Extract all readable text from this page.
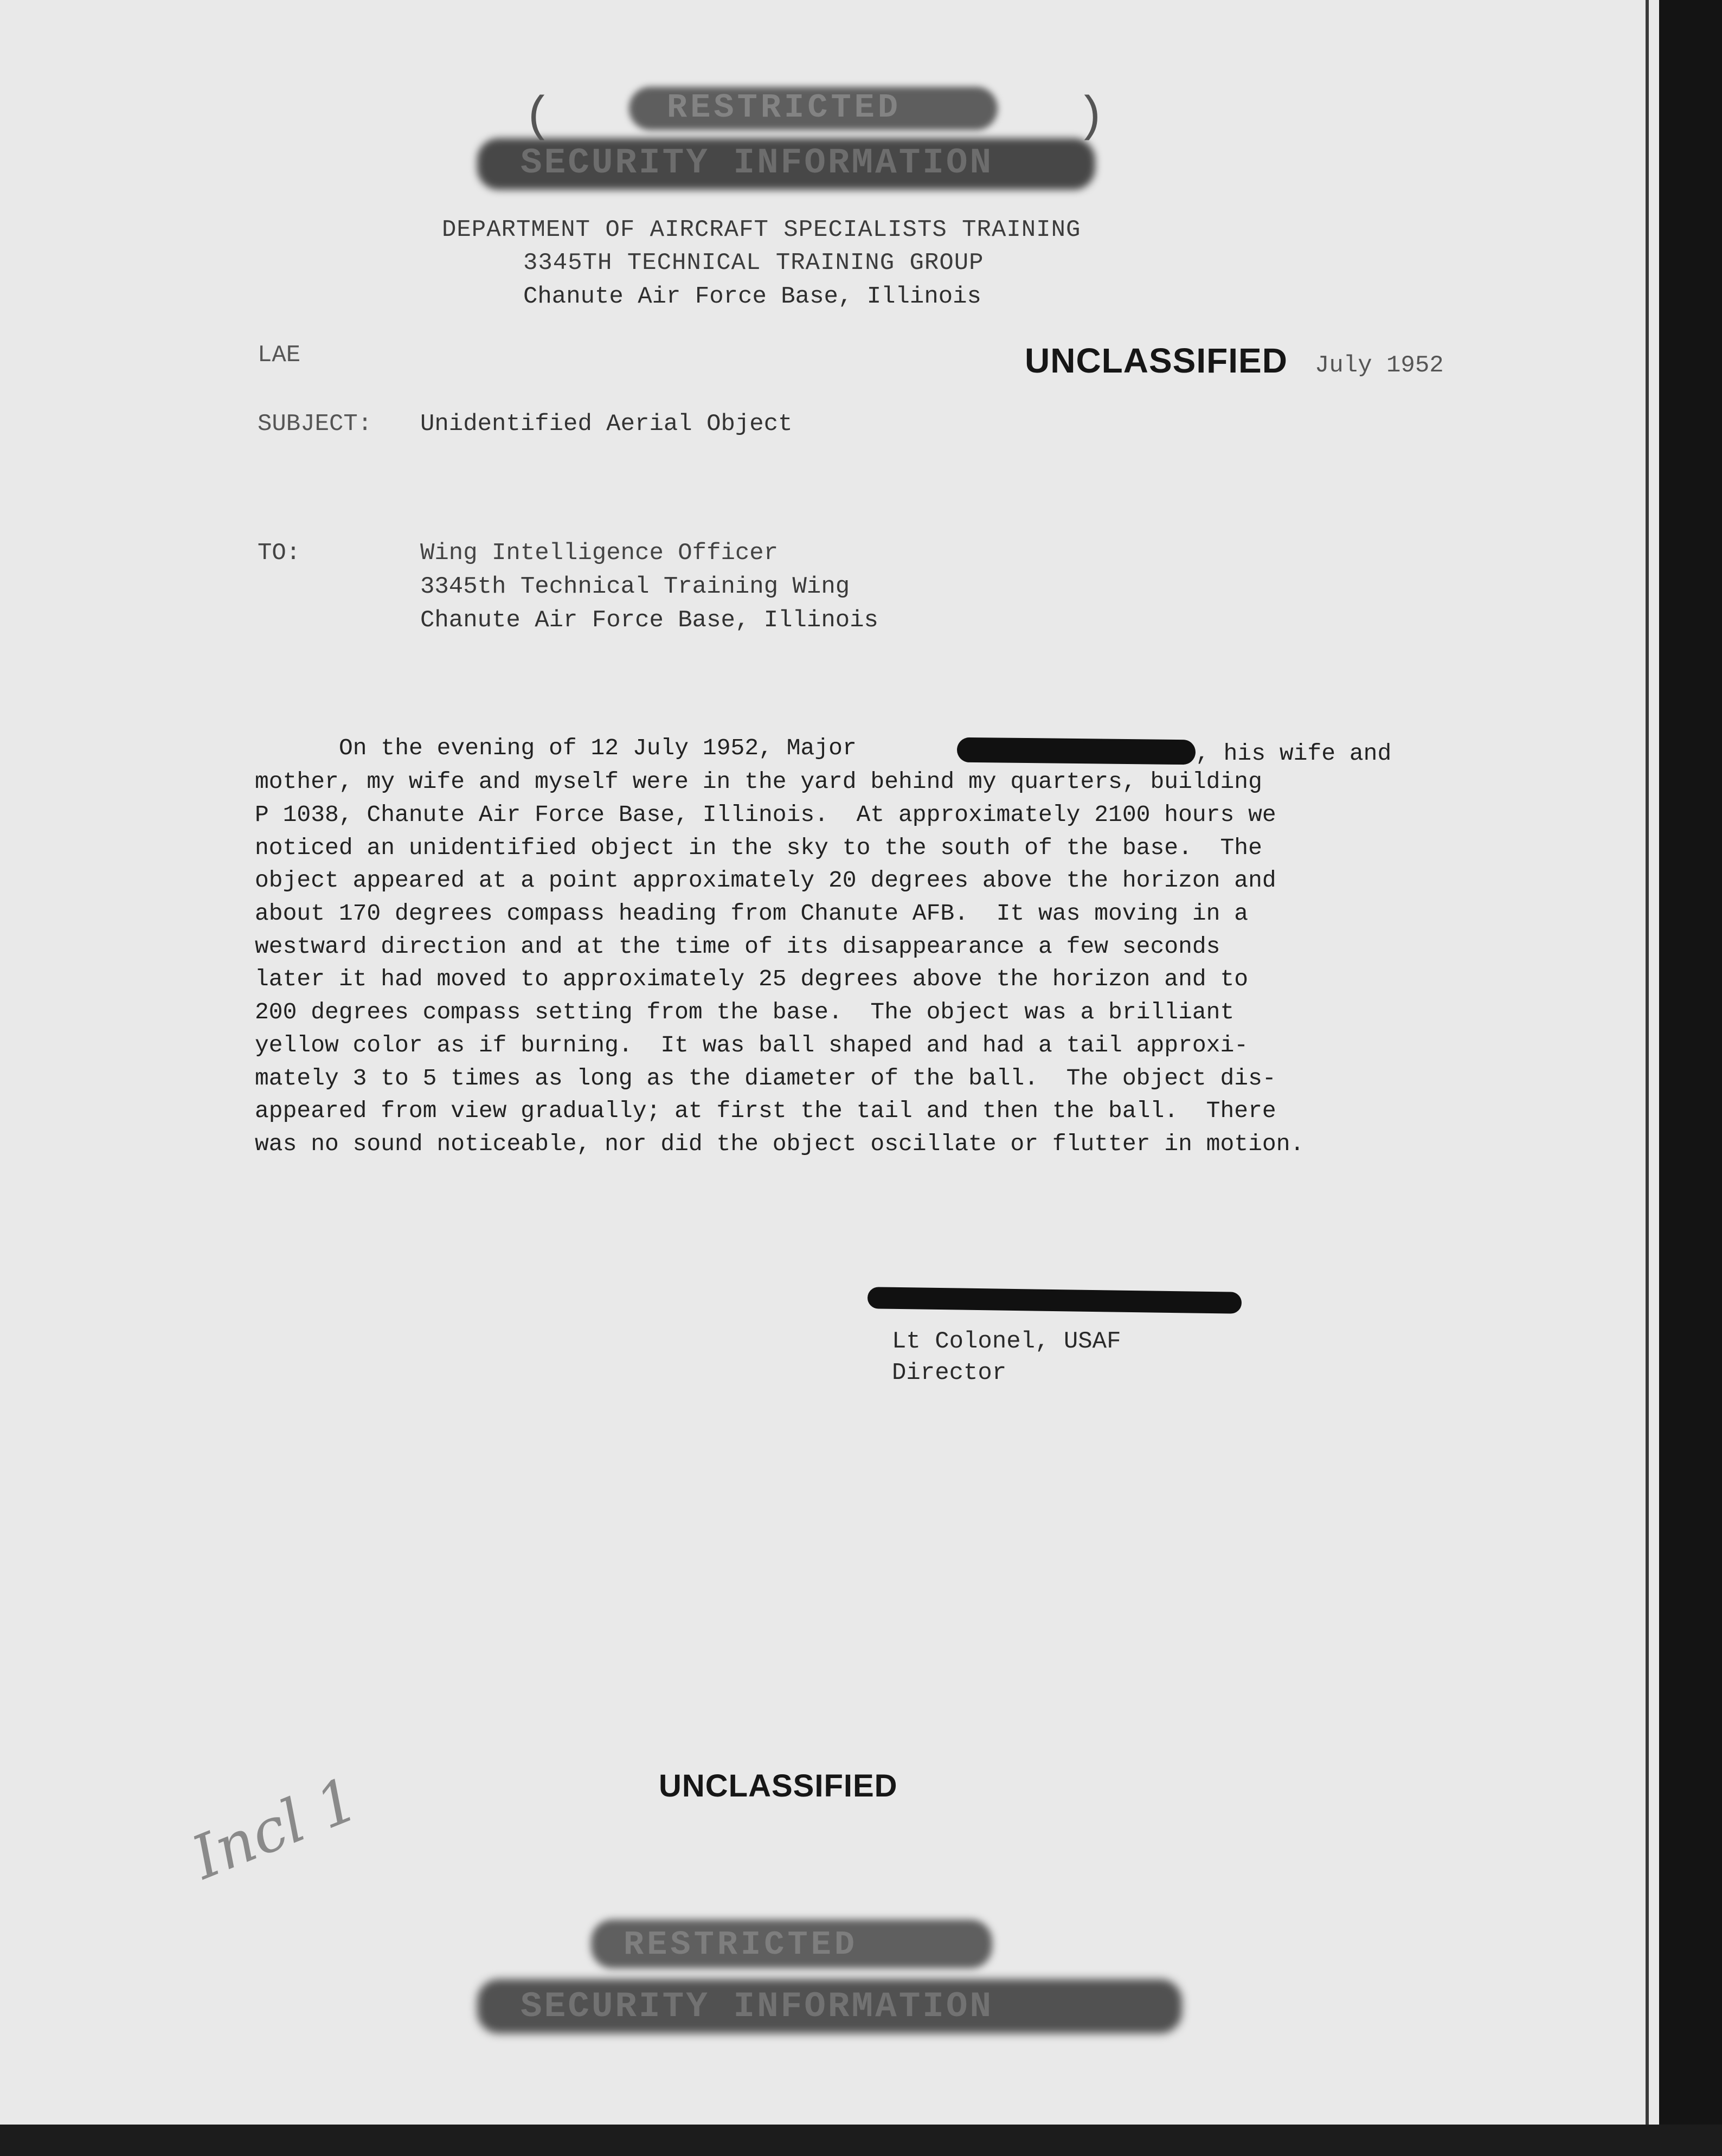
RESTRICTED
SECURITY INFORMATION
(	)
DEPARTMENT OF AIRCRAFT SPECIALISTS TRAINING
3345TH TECHNICAL TRAINING GROUP
Chanute Air Force Base, Illinois
LAE	UNCLASSIFIED July 1952
SUBJECT: Unidentified Aerial Object
TO:	Wing Intelligence Officer
3345th Technical Training Wing
Chanute Air Force Base, Illinois
On the evening of 12 July 1952, Major	, his wife and
mother, my wife and myself were in the yard behind my quarters, building
P 1038, Chanute Air Force Base, Illinois.  At approximately 2100 hours we
noticed an unidentified object in the sky to the south of the base.  The
object appeared at a point approximately 20 degrees above the horizon and
about 170 degrees compass heading from Chanute AFB.  It was moving in a
westward direction and at the time of its disappearance a few seconds
later it had moved to approximately 25 degrees above the horizon and to
200 degrees compass setting from the base.  The object was a brilliant
yellow color as if burning.  It was ball shaped and had a tail approxi-
mately 3 to 5 times as long as the diameter of the ball.  The object dis-
appeared from view gradually; at first the tail and then the ball.  There
was no sound noticeable, nor did the object oscillate or flutter in motion.
Lt Colonel, USAF
Director
UNCLASSIFIED
Incl 1
RESTRICTED
SECURITY INFORMATION
